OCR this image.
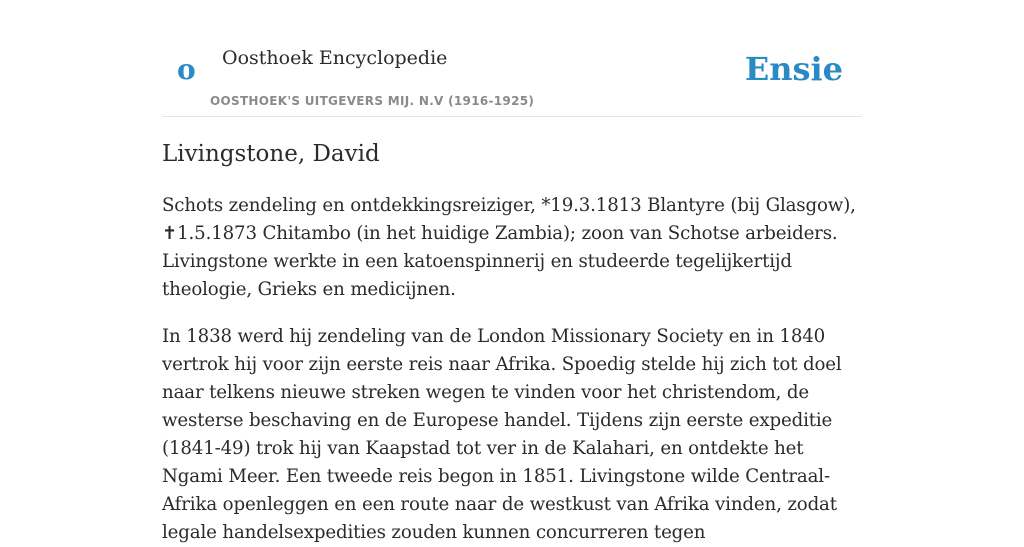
o Oosthoek Encyclopedie
OOSTHOEK'S UITGEVERS MIJ. N.V (1916-1925)
Ensie
Livingstone, David

Schots zendeling en ontdekkingsreiziger, *19.3.1813 Blantyre (bij Glasgow), ✝1.5.1873 Chitambo (in het huidige Zambia); zoon van Schotse arbeiders. Livingstone werkte in een katoenspinnerij en studeerde tegelijkertijd theologie, Grieks en medicijnen.

In 1838 werd hij zendeling van de London Missionary Society en in 1840 vertrok hij voor zijn eerste reis naar Afrika. Spoedig stelde hij zich tot doel naar telkens nieuwe streken wegen te vinden voor het christendom, de westerse beschaving en de Europese handel. Tijdens zijn eerste expeditie (1841-49) trok hij van Kaapstad tot ver in de Kalahari, en ontdekte het Ngami Meer. Een tweede reis begon in 1851. Livingstone wilde Centraal-Afrika openleggen en een route naar de westkust van Afrika vinden, zodat legale handelsexpedities zouden kunnen concurreren tegen
